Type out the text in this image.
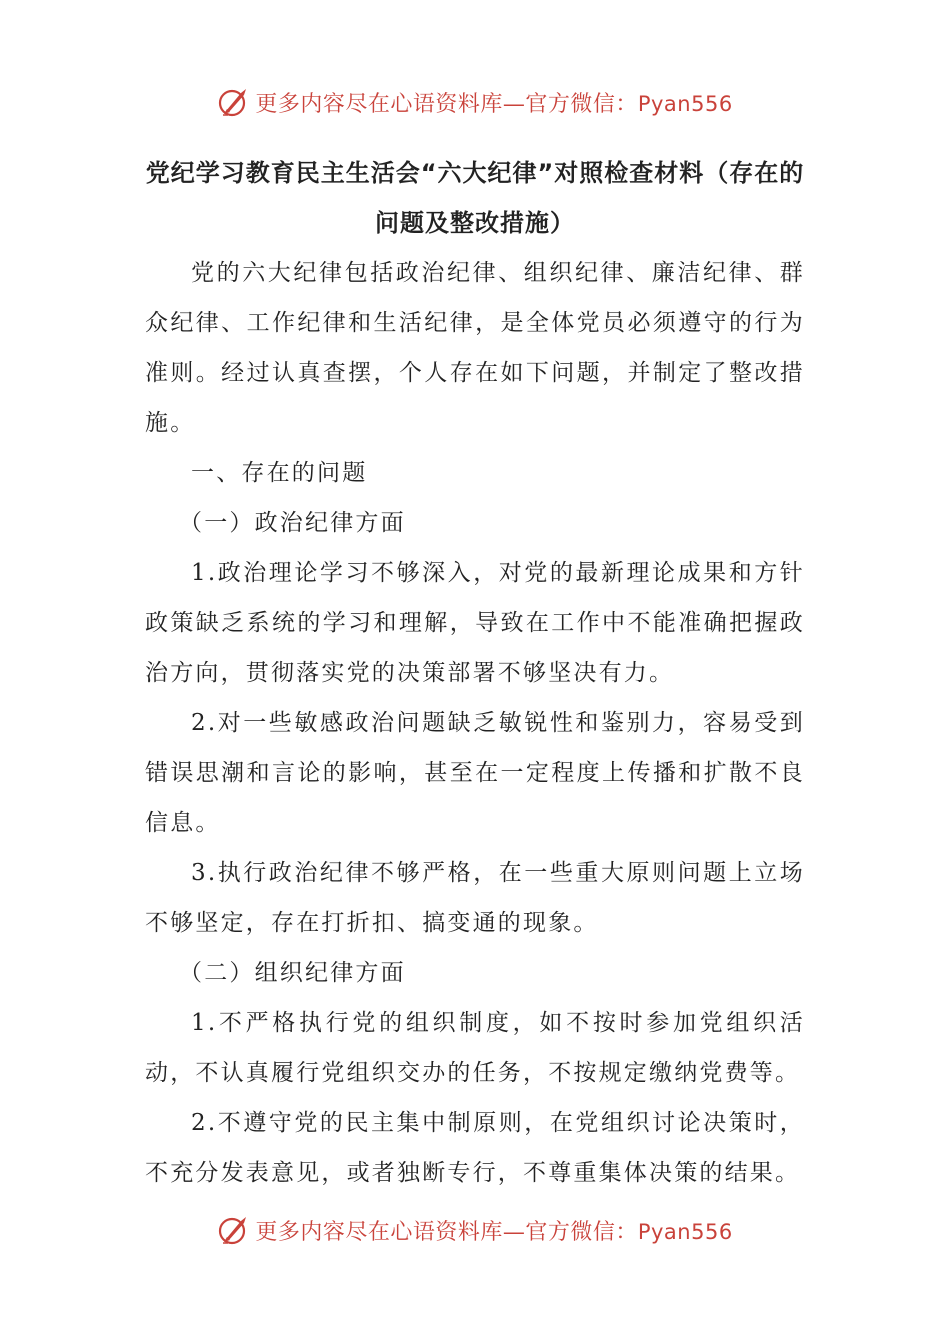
更多内容尽在心语资料库—官方微信：Pyan556

党纪学习教育民主生活会“六大纪律”对照检查材料（存在的问题及整改措施）

党的六大纪律包括政治纪律、组织纪律、廉洁纪律、群众纪律、工作纪律和生活纪律，是全体党员必须遵守的行为准则。经过认真查摆，个人存在如下问题，并制定了整改措施。

一、存在的问题

（一）政治纪律方面

1.政治理论学习不够深入，对党的最新理论成果和方针政策缺乏系统的学习和理解，导致在工作中不能准确把握政治方向，贯彻落实党的决策部署不够坚决有力。

2.对一些敏感政治问题缺乏敏锐性和鉴别力，容易受到错误思潮和言论的影响，甚至在一定程度上传播和扩散不良信息。

3.执行政治纪律不够严格，在一些重大原则问题上立场不够坚定，存在打折扣、搞变通的现象。

（二）组织纪律方面

1.不严格执行党的组织制度，如不按时参加党组织活动，不认真履行党组织交办的任务，不按规定缴纳党费等。

2.不遵守党的民主集中制原则，在党组织讨论决策时，不充分发表意见，或者独断专行，不尊重集体决策的结果。

更多内容尽在心语资料库—官方微信：Pyan556
